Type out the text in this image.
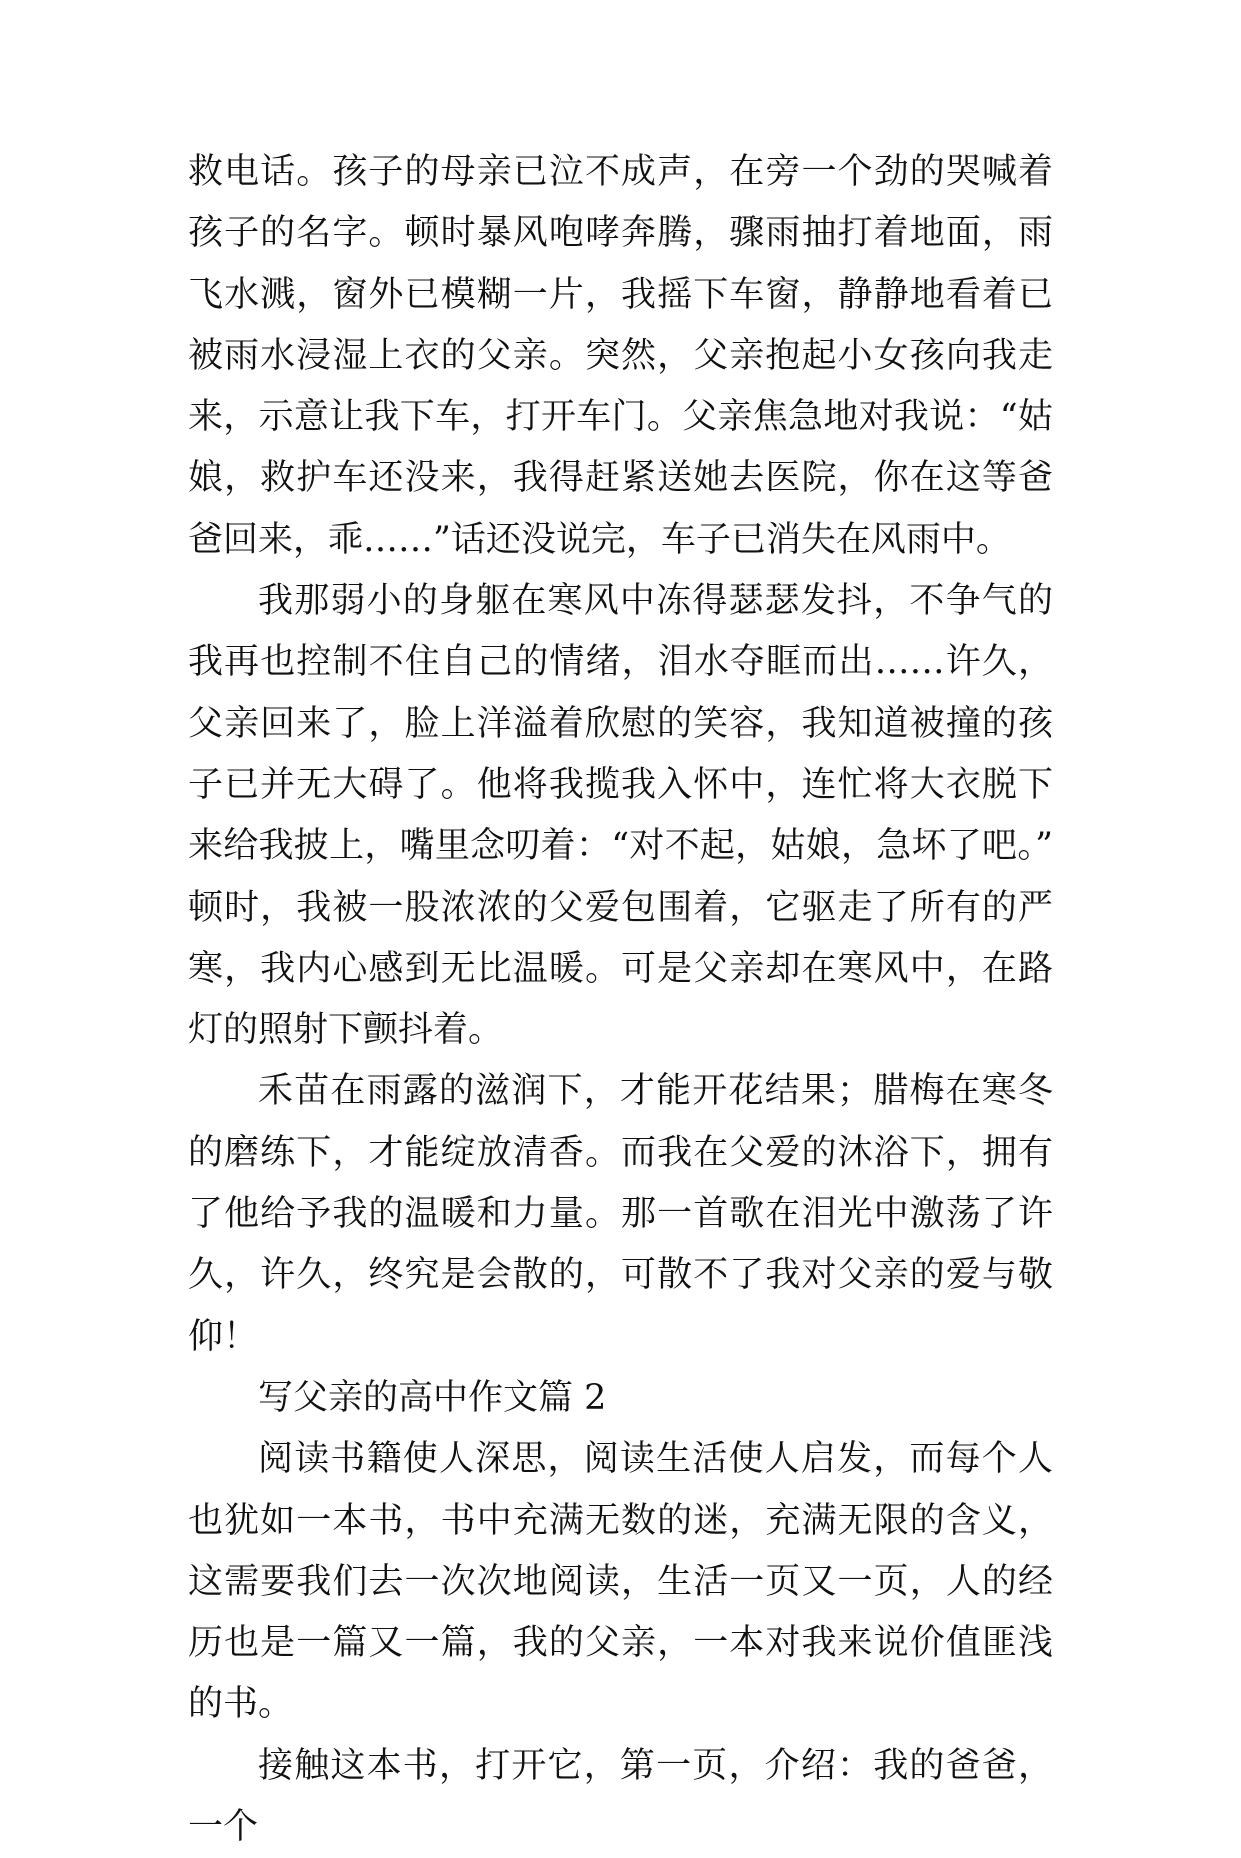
救电话。孩子的母亲已泣不成声，在旁一个劲的哭喊着孩子的名字。顿时暴风咆哮奔腾，骤雨抽打着地面，雨飞水溅，窗外已模糊一片，我摇下车窗，静静地看着已被雨水浸湿上衣的父亲。突然，父亲抱起小女孩向我走来，示意让我下车，打开车门。父亲焦急地对我说：“姑娘，救护车还没来，我得赶紧送她去医院，你在这等爸爸回来，乖……”话还没说完，车子已消失在风雨中。

我那弱小的身躯在寒风中冻得瑟瑟发抖，不争气的我再也控制不住自己的情绪，泪水夺眶而出……许久，父亲回来了，脸上洋溢着欣慰的笑容，我知道被撞的孩子已并无大碍了。他将我揽我入怀中，连忙将大衣脱下来给我披上，嘴里念叨着：“对不起，姑娘，急坏了吧。”顿时，我被一股浓浓的父爱包围着，它驱走了所有的严寒，我内心感到无比温暖。可是父亲却在寒风中，在路灯的照射下颤抖着。

禾苗在雨露的滋润下，才能开花结果；腊梅在寒冬的磨练下，才能绽放清香。而我在父爱的沐浴下，拥有了他给予我的温暖和力量。那一首歌在泪光中激荡了许久，许久，终究是会散的，可散不了我对父亲的爱与敬仰！

写父亲的高中作文篇 2

阅读书籍使人深思，阅读生活使人启发，而每个人也犹如一本书，书中充满无数的迷，充满无限的含义，这需要我们去一次次地阅读，生活一页又一页，人的经历也是一篇又一篇，我的父亲，一本对我来说价值匪浅的书。

接触这本书，打开它，第一页，介绍：我的爸爸，一个
